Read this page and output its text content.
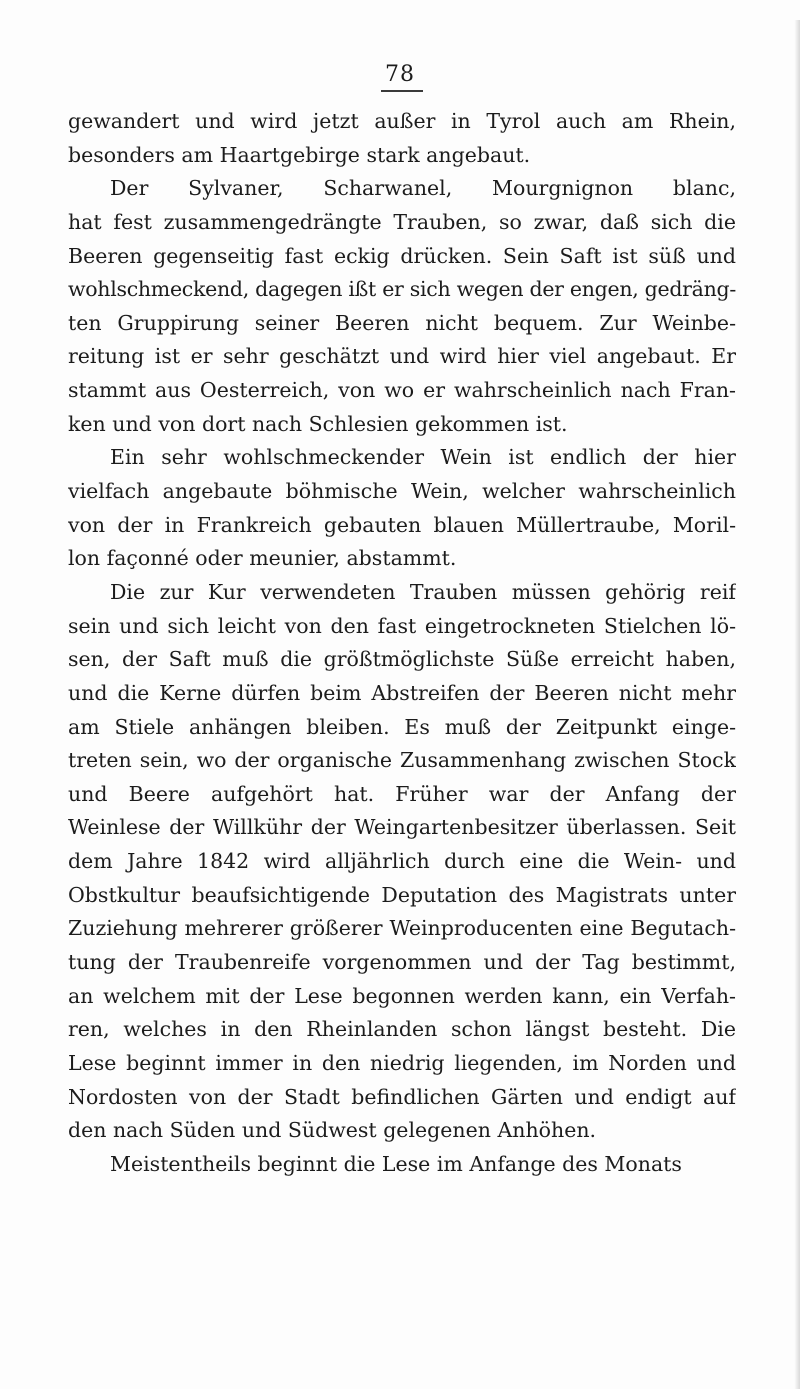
78
gewandert und wird jetzt außer in Tyrol auch am Rhein,
besonders am Haartgebirge stark angebaut.
Der Sylvaner, Scharwanel, Mourgnignon blanc,
hat fest zusammengedrängte Trauben, so zwar, daß sich die
Beeren gegenseitig fast eckig drücken. Sein Saft ist süß und
wohlschmeckend, dagegen ißt er sich wegen der engen, gedräng-
ten Gruppirung seiner Beeren nicht bequem. Zur Weinbe-
reitung ist er sehr geschätzt und wird hier viel angebaut. Er
stammt aus Oesterreich, von wo er wahrscheinlich nach Fran-
ken und von dort nach Schlesien gekommen ist.
Ein sehr wohlschmeckender Wein ist endlich der hier
vielfach angebaute böhmische Wein, welcher wahrscheinlich
von der in Frankreich gebauten blauen Müllertraube, Moril-
lon façonné oder meunier, abstammt.
Die zur Kur verwendeten Trauben müssen gehörig reif
sein und sich leicht von den fast eingetrockneten Stielchen lö-
sen, der Saft muß die größtmöglichste Süße erreicht haben,
und die Kerne dürfen beim Abstreifen der Beeren nicht mehr
am Stiele anhängen bleiben. Es muß der Zeitpunkt einge-
treten sein, wo der organische Zusammenhang zwischen Stock
und Beere aufgehört hat. Früher war der Anfang der
Weinlese der Willkühr der Weingartenbesitzer überlassen. Seit
dem Jahre 1842 wird alljährlich durch eine die Wein- und
Obstkultur beaufsichtigende Deputation des Magistrats unter
Zuziehung mehrerer größerer Weinproducenten eine Begutach-
tung der Traubenreife vorgenommen und der Tag bestimmt,
an welchem mit der Lese begonnen werden kann, ein Verfah-
ren, welches in den Rheinlanden schon längst besteht. Die
Lese beginnt immer in den niedrig liegenden, im Norden und
Nordosten von der Stadt befindlichen Gärten und endigt auf
den nach Süden und Südwest gelegenen Anhöhen.
Meistentheils beginnt die Lese im Anfange des Monats
